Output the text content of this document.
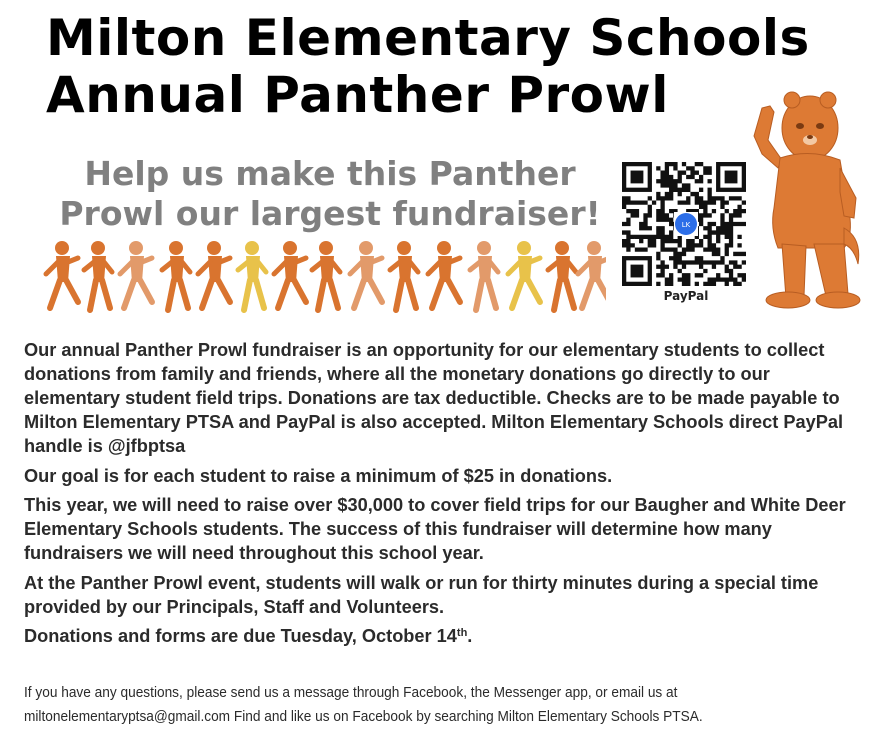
Milton Elementary Schools
Annual Panther Prowl
Help us make this Panther
Prowl our largest fundraiser!	LK
PayPal

Our annual Panther Prowl fundraiser is an opportunity for our elementary students to collect donations from family and friends, where all the monetary donations go directly to our elementary student field trips. Donations are tax deductible. Checks are to be made payable to Milton Elementary PTSA and PayPal is also accepted. Milton Elementary Schools direct PayPal handle is @jfbptsa

Our goal is for each student to raise a minimum of $25 in donations.

This year, we will need to raise over $30,000 to cover field trips for our Baugher and White Deer Elementary Schools students. The success of this fundraiser will determine how many fundraisers we will need throughout this school year.

At the Panther Prowl event, students will walk or run for thirty minutes during a special time provided by our Principals, Staff and Volunteers.

Donations and forms are due Tuesday, October 14th.

If you have any questions, please send us a message through Facebook, the Messenger app, or email us at
miltonelementaryptsa@gmail.com Find and like us on Facebook by searching Milton Elementary Schools PTSA.
